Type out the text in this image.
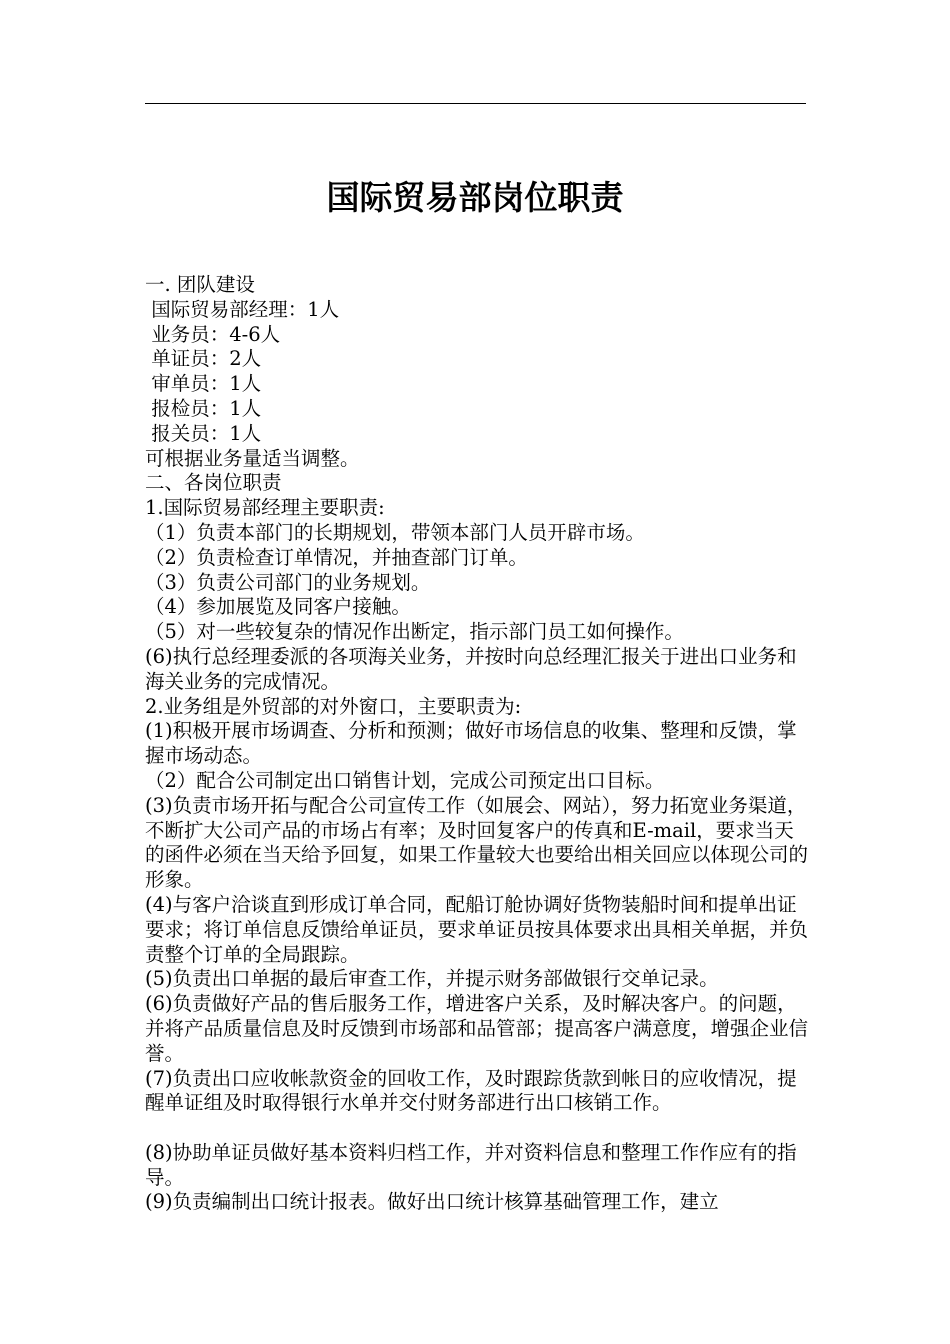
国际贸易部岗位职责

一. 团队建设

国际贸易部经理：1人

业务员：4-6人

单证员：2人

审单员：1人

报检员：1人

报关员：1人

可根据业务量适当调整。

二、各岗位职责

1.国际贸易部经理主要职责:

（1）负责本部门的长期规划，带领本部门人员开辟市场。

（2）负责检查订单情况，并抽查部门订单。

（3）负责公司部门的业务规划。

（4）参加展览及同客户接触。

（5）对一些较复杂的情况作出断定，指示部门员工如何操作。

(6)执行总经理委派的各项海关业务，并按时向总经理汇报关于进出口业务和海关业务的完成情况。

2.业务组是外贸部的对外窗口，主要职责为:

(1)积极开展市场调查、分析和预测；做好市场信息的收集、整理和反馈，掌握市场动态。

（2）配合公司制定出口销售计划，完成公司预定出口目标。

(3)负责市场开拓与配合公司宣传工作（如展会、网站），努力拓宽业务渠道，不断扩大公司产品的市场占有率；及时回复客户的传真和E-mail，要求当天的函件必须在当天给予回复，如果工作量较大也要给出相关回应以体现公司的形象。

(4)与客户洽谈直到形成订单合同，配船订舱协调好货物装船时间和提单出证要求；将订单信息反馈给单证员，要求单证员按具体要求出具相关单据，并负责整个订单的全局跟踪。

(5)负责出口单据的最后审查工作，并提示财务部做银行交单记录。

(6)负责做好产品的售后服务工作，增进客户关系，及时解决客户。的问题，并将产品质量信息及时反馈到市场部和品管部；提高客户满意度，增强企业信誉。

(7)负责出口应收帐款资金的回收工作，及时跟踪货款到帐日的应收情况，提醒单证组及时取得银行水单并交付财务部进行出口核销工作。

(8)协助单证员做好基本资料归档工作，并对资料信息和整理工作作应有的指导。

(9)负责编制出口统计报表。做好出口统计核算基础管理工作，建立
